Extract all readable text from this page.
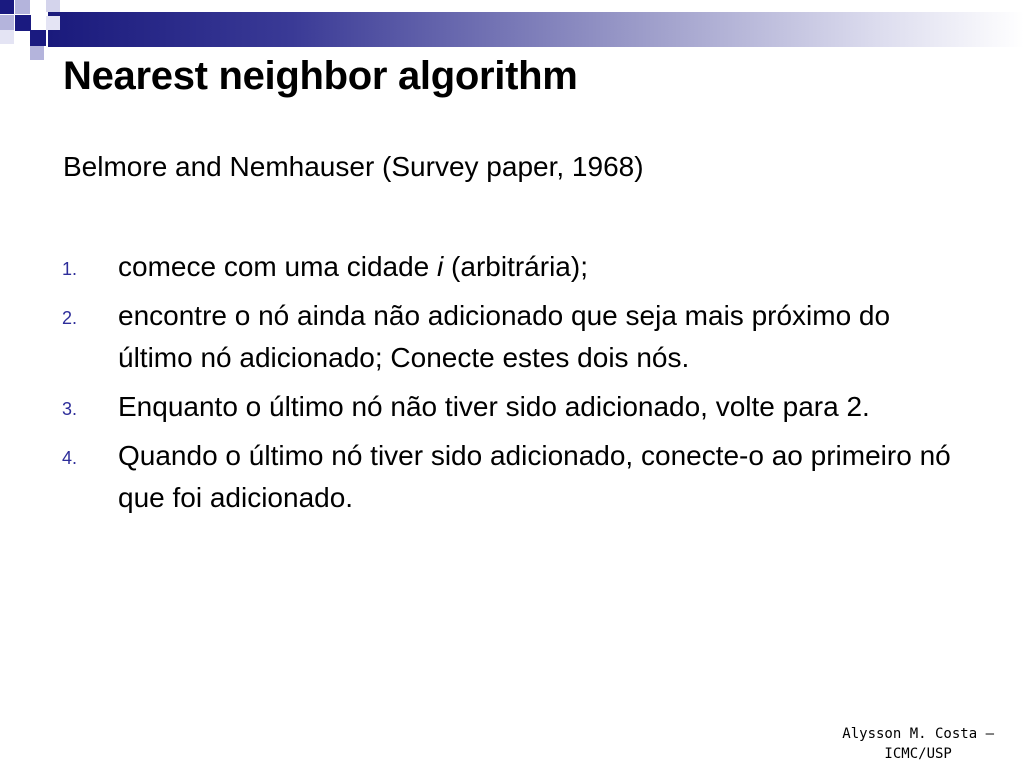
Nearest neighbor algorithm
Belmore and Nemhauser (Survey paper, 1968)
1. comece com uma cidade i (arbitrária);
2. encontre o nó ainda não adicionado que seja mais próximo do último nó adicionado; Conecte estes dois nós.
3. Enquanto o último nó não tiver sido adicionado, volte para 2.
4. Quando o último nó tiver sido adicionado, conecte-o ao primeiro nó que foi adicionado.
Alysson M. Costa –
ICMC/USP
